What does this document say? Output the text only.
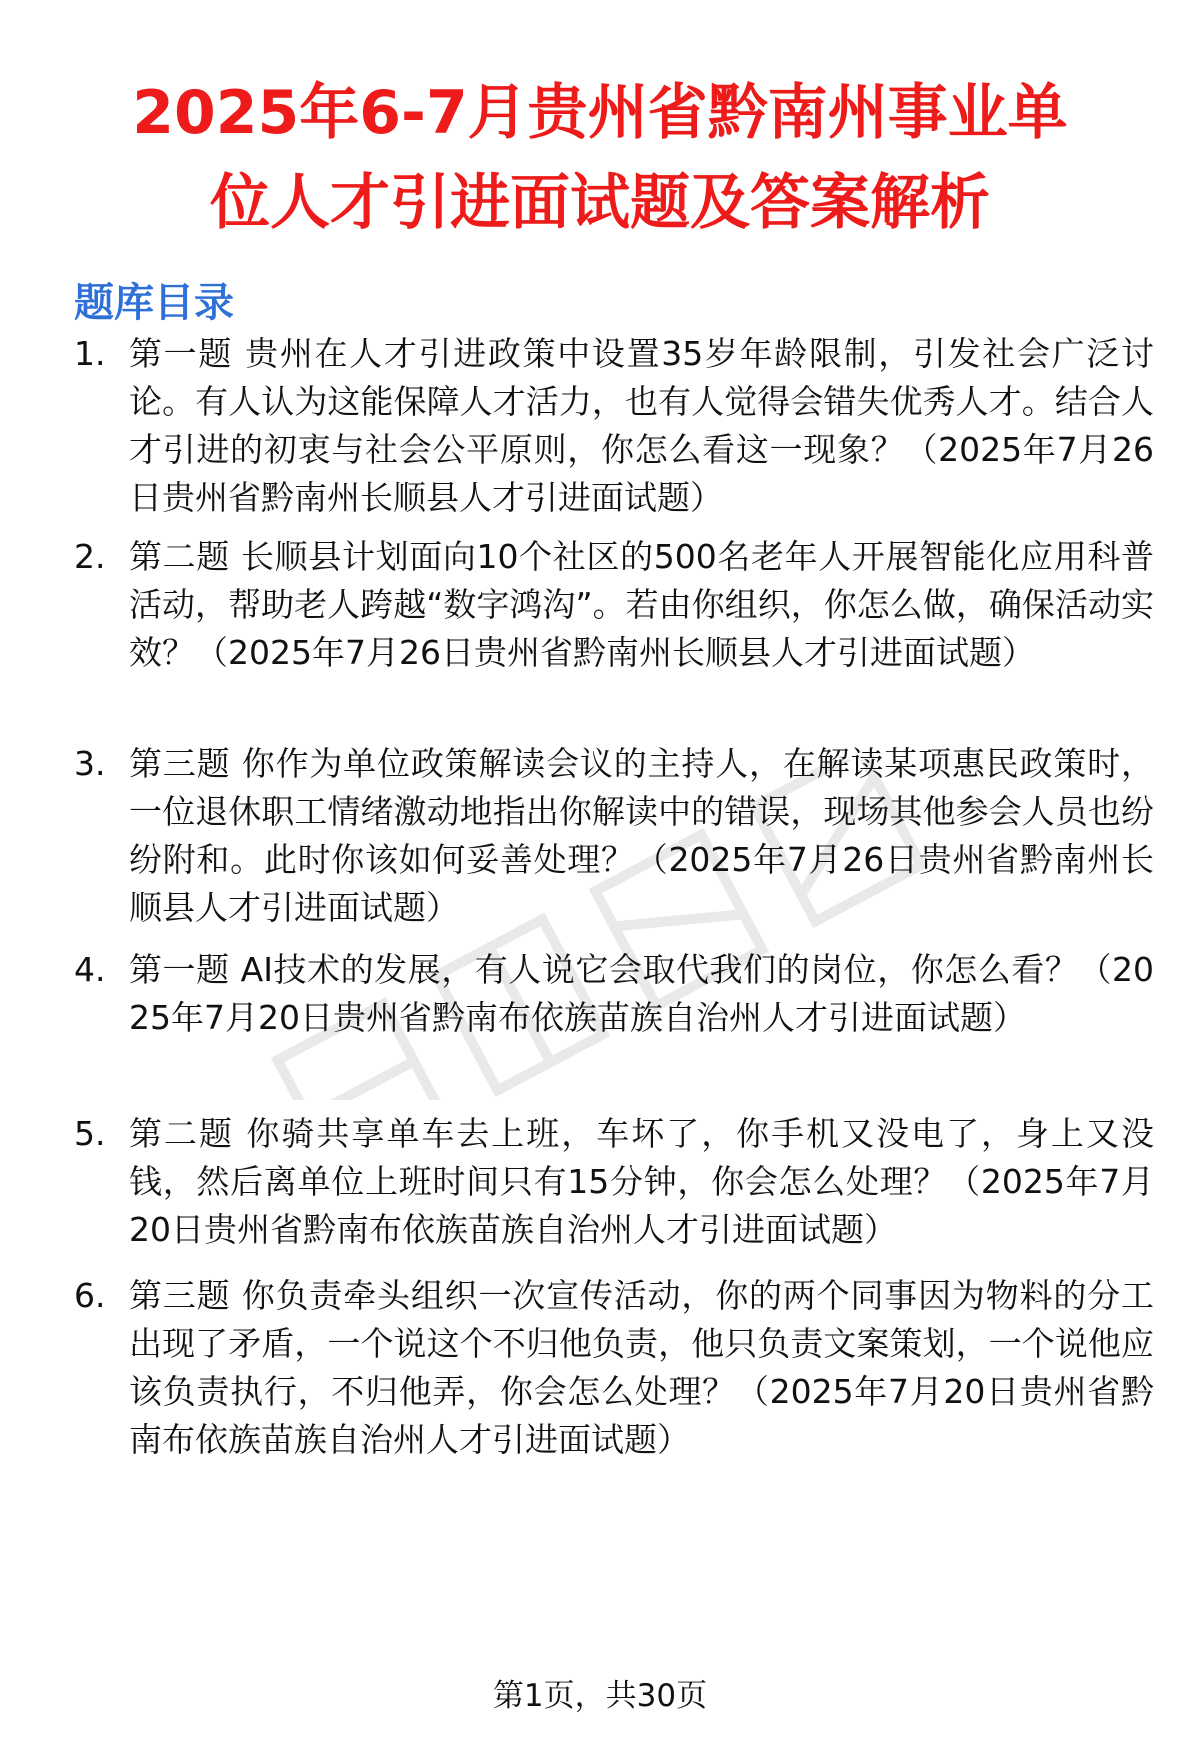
2025年6-7月贵州省黔南州事业单
位人才引进面试题及答案解析
题库目录
1. 第一题 贵州在人才引进政策中设置35岁年龄限制，引发社会广泛讨论。有人认为这能保障人才活力，也有人觉得会错失优秀人才。结合人才引进的初衷与社会公平原则，你怎么看这一现象？（2025年7月26日贵州省黔南州长顺县人才引进面试题）
2. 第二题 长顺县计划面向10个社区的500名老年人开展智能化应用科普活动，帮助老人跨越“数字鸿沟”。若由你组织，你怎么做，确保活动实效？（2025年7月26日贵州省黔南州长顺县人才引进面试题）
3. 第三题 你作为单位政策解读会议的主持人，在解读某项惠民政策时，一位退休职工情绪激动地指出你解读中的错误，现场其他参会人员也纷纷附和。此时你该如何妥善处理？（2025年7月26日贵州省黔南州长顺县人才引进面试题）
4. 第一题 AI技术的发展，有人说它会取代我们的岗位，你怎么看？（2025年7月20日贵州省黔南布依族苗族自治州人才引进面试题）
5. 第二题 你骑共享单车去上班，车坏了，你手机又没电了，身上又没钱，然后离单位上班时间只有15分钟，你会怎么处理？（2025年7月20日贵州省黔南布依族苗族自治州人才引进面试题）
6. 第三题 你负责牵头组织一次宣传活动，你的两个同事因为物料的分工出现了矛盾，一个说这个不归他负责，他只负责文案策划，一个说他应该负责执行，不归他弄，你会怎么处理？（2025年7月20日贵州省黔南布依族苗族自治州人才引进面试题）
第1页，共30页
